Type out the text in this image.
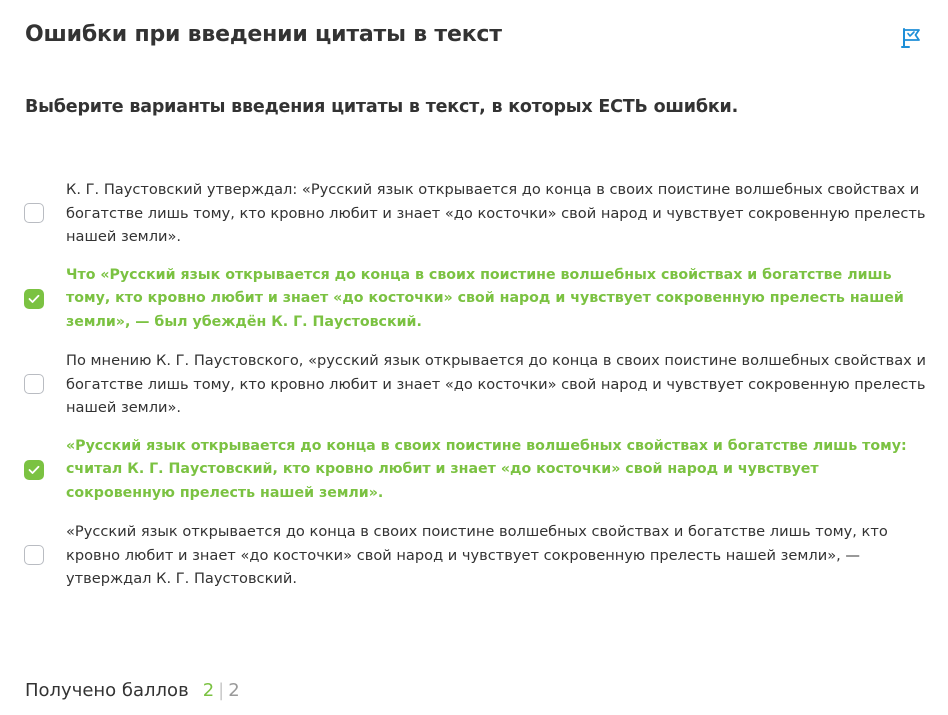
Ошибки при введении цитаты в текст
Выберите варианты введения цитаты в текст, в которых ЕСТЬ ошибки.
К. Г. Паустовский утверждал: «Русский язык открывается до конца в своих поистине волшебных свойствах и богатстве лишь тому, кто кровно любит и знает «до косточки» свой народ и чувствует сокровенную прелесть нашей земли».
Что «Русский язык открывается до конца в своих поистине волшебных свойствах и богатстве лишь тому, кто кровно любит и знает «до косточки» свой народ и чувствует сокровенную прелесть нашей земли», — был убеждён К. Г. Паустовский.
По мнению К. Г. Паустовского, «русский язык открывается до конца в своих поистине волшебных свойствах и богатстве лишь тому, кто кровно любит и знает «до косточки» свой народ и чувствует сокровенную прелесть нашей земли».
«Русский язык открывается до конца в своих поистине волшебных свойствах и богатстве лишь тому: считал К. Г. Паустовский, кто кровно любит и знает «до косточки» свой народ и чувствует сокровенную прелесть нашей земли».
«Русский язык открывается до конца в своих поистине волшебных свойствах и богатстве лишь тому, кто кровно любит и знает «до косточки» свой народ и чувствует сокровенную прелесть нашей земли», — утверждал К. Г. Паустовский.
Получено баллов 2 | 2
